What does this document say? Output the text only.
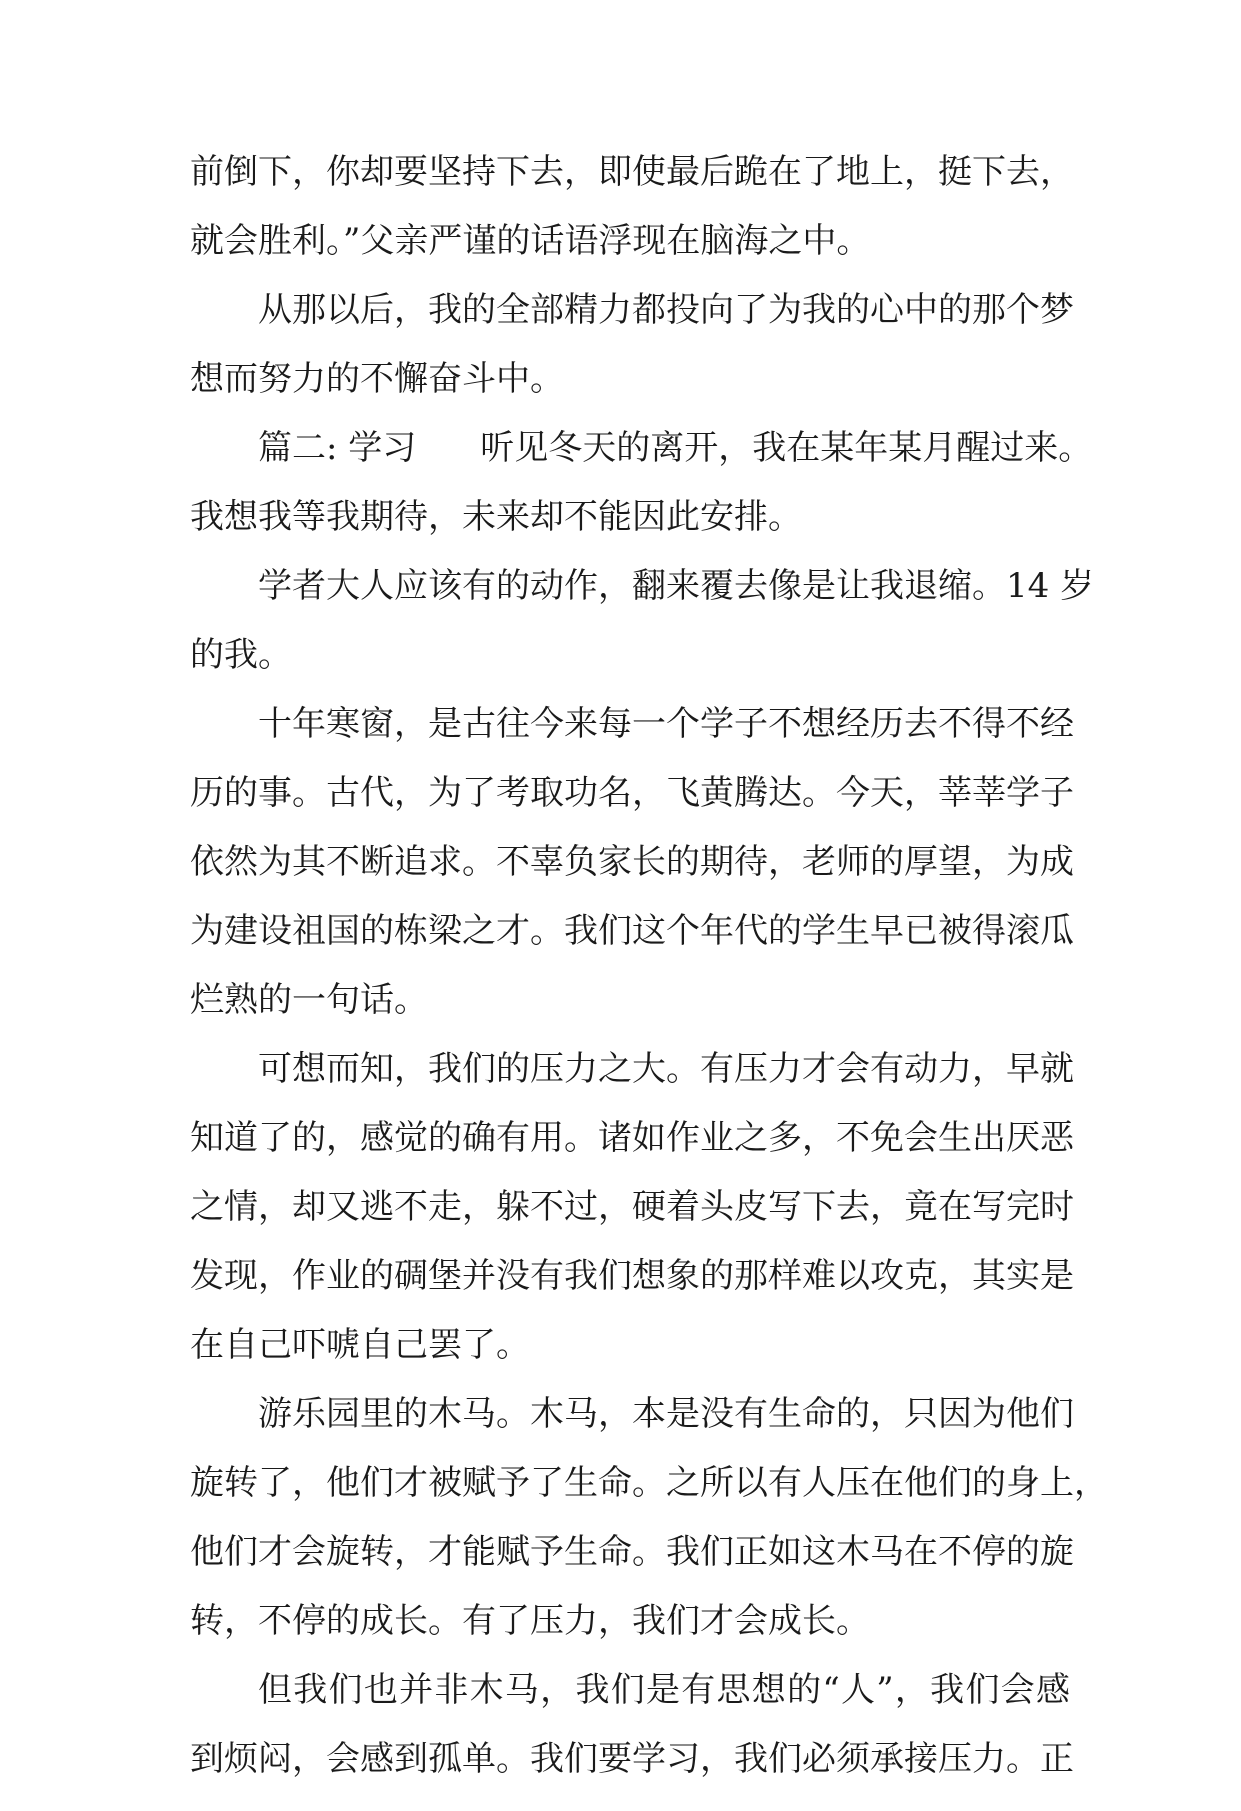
前倒下，你却要坚持下去，即使最后跪在了地上，挺下去，
就会胜利。”父亲严谨的话语浮现在脑海之中。
从那以后，我的全部精力都投向了为我的心中的那个梦
想而努力的不懈奋斗中。
篇二: 学习 听见冬天的离开，我在某年某月醒过来。
我想我等我期待，未来却不能因此安排。
学者大人应该有的动作，翻来覆去像是让我退缩。14 岁
的我。
十年寒窗，是古往今来每一个学子不想经历去不得不经
历的事。古代，为了考取功名，飞黄腾达。今天，莘莘学子
依然为其不断追求。不辜负家长的期待，老师的厚望，为成
为建设祖国的栋梁之才。我们这个年代的学生早已被得滚瓜
烂熟的一句话。
可想而知，我们的压力之大。有压力才会有动力，早就
知道了的，感觉的确有用。诸如作业之多，不免会生出厌恶
之情，却又逃不走，躲不过，硬着头皮写下去，竟在写完时
发现，作业的碉堡并没有我们想象的那样难以攻克，其实是
在自己吓唬自己罢了。
游乐园里的木马。木马，本是没有生命的，只因为他们
旋转了，他们才被赋予了生命。之所以有人压在他们的身上，
他们才会旋转，才能赋予生命。我们正如这木马在不停的旋
转，不停的成长。有了压力，我们才会成长。
但我们也并非木马，我们是有思想的“人”，我们会感
到烦闷，会感到孤单。我们要学习，我们必须承接压力。正
